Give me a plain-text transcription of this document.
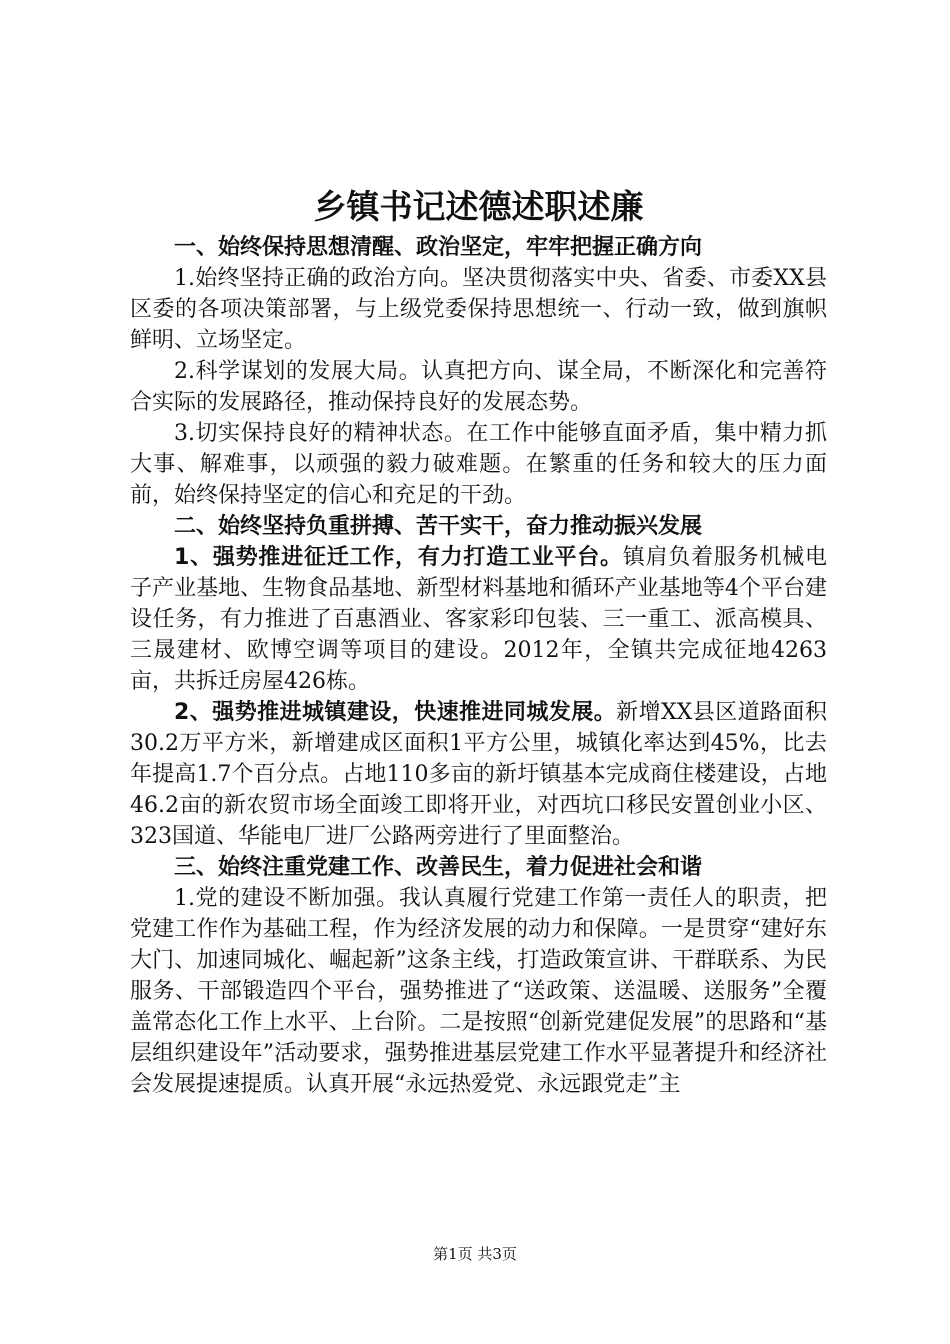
乡镇书记述德述职述廉

一、始终保持思想清醒、政治坚定，牢牢把握正确方向

1.始终坚持正确的政治方向。坚决贯彻落实中央、省委、市委XX县区委的各项决策部署，与上级党委保持思想统一、行动一致，做到旗帜鲜明、立场坚定。

2.科学谋划的发展大局。认真把方向、谋全局，不断深化和完善符合实际的发展路径，推动保持良好的发展态势。

3.切实保持良好的精神状态。在工作中能够直面矛盾，集中精力抓大事、解难事，以顽强的毅力破难题。在繁重的任务和较大的压力面前，始终保持坚定的信心和充足的干劲。

二、始终坚持负重拼搏、苦干实干，奋力推动振兴发展

1、强势推进征迁工作，有力打造工业平台。镇肩负着服务机械电子产业基地、生物食品基地、新型材料基地和循环产业基地等4个平台建设任务，有力推进了百惠酒业、客家彩印包装、三一重工、派高模具、三晟建材、欧博空调等项目的建设。2012年，全镇共完成征地4263亩，共拆迁房屋426栋。

2、强势推进城镇建设，快速推进同城发展。新增XX县区道路面积30.2万平方米，新增建成区面积1平方公里，城镇化率达到45%，比去年提高1.7个百分点。占地110多亩的新圩镇基本完成商住楼建设，占地46.2亩的新农贸市场全面竣工即将开业，对西坑口移民安置创业小区、323国道、华能电厂进厂公路两旁进行了里面整治。

三、始终注重党建工作、改善民生，着力促进社会和谐

1.党的建设不断加强。我认真履行党建工作第一责任人的职责，把党建工作作为基础工程，作为经济发展的动力和保障。一是贯穿“建好东大门、加速同城化、崛起新”这条主线，打造政策宣讲、干群联系、为民服务、干部锻造四个平台，强势推进了“送政策、送温暖、送服务”全覆盖常态化工作上水平、上台阶。二是按照“创新党建促发展”的思路和“基层组织建设年”活动要求，强势推进基层党建工作水平显著提升和经济社会发展提速提质。认真开展“永远热爱党、永远跟党走”主

第1页 共3页
